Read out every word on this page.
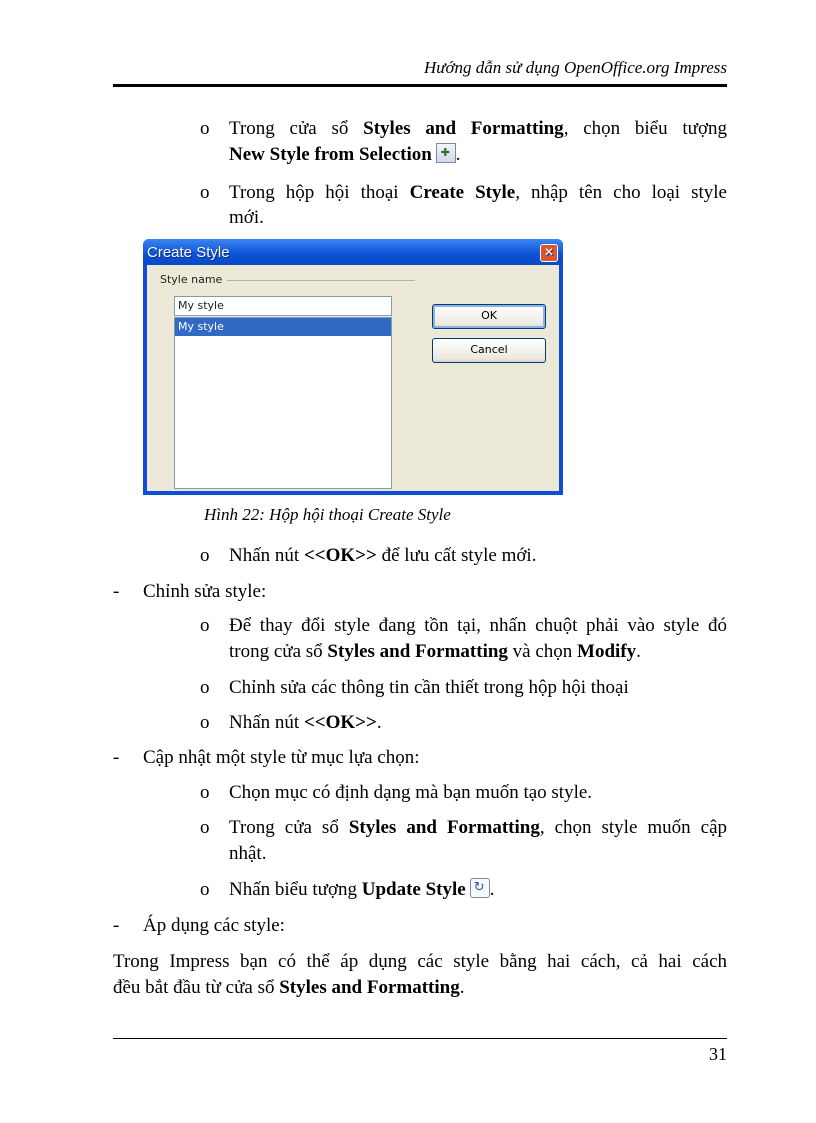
Hướng dẫn sử dụng OpenOffice.org Impress
o Trong cửa sổ Styles and Formatting, chọn biểu tượng
New Style from Selection ✚ .
o Trong hộp hội thoại Create Style, nhập tên cho loại style
mới.
Create Style	✕
Style name
My style
My style
OK
Cancel
Hình 22: Hộp hội thoại Create Style
o Nhấn nút <<OK>> để lưu cất style mới.
- Chỉnh sửa style:
o Để thay đổi style đang tồn tại, nhấn chuột phải vào style đó
trong cửa sổ Styles and Formatting và chọn Modify.
o Chỉnh sửa các thông tin cần thiết trong hộp hội thoại
o Nhấn nút <<OK>>.
- Cập nhật một style từ mục lựa chọn:
o Chọn mục có định dạng mà bạn muốn tạo style.
o Trong cửa sổ Styles and Formatting, chọn style muốn cập
nhật.
o Nhấn biểu tượng Update Style ↻ .
- Áp dụng các style:
Trong Impress bạn có thể áp dụng các style bằng hai cách, cả hai cách
đều bắt đầu từ cửa sổ Styles and Formatting.
31
